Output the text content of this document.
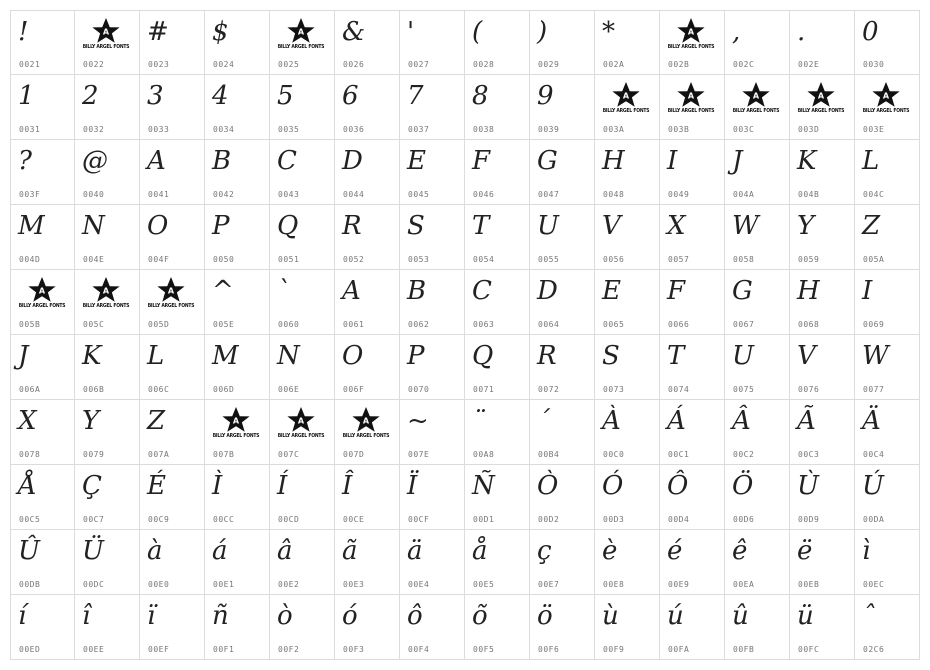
!
0021
A
BILLY ARGEL FONTS
0022
#
0023
$
0024
A
BILLY ARGEL FONTS
0025
&
0026
'
0027
(
0028
)
0029
*
002A
A
BILLY ARGEL FONTS
002B
,
002C
.
002E
0
0030
1
0031
2
0032
3
0033
4
0034
5
0035
6
0036
7
0037
8
0038
9
0039
A
BILLY ARGEL FONTS
003A
A
BILLY ARGEL FONTS
003B
A
BILLY ARGEL FONTS
003C
A
BILLY ARGEL FONTS
003D
A
BILLY ARGEL FONTS
003E
?
003F
@
0040
A
0041
B
0042
C
0043
D
0044
E
0045
F
0046
G
0047
H
0048
I
0049
J
004A
K
004B
L
004C
M
004D
N
004E
O
004F
P
0050
Q
0051
R
0052
S
0053
T
0054
U
0055
V
0056
X
0057
W
0058
Y
0059
Z
005A
A
BILLY ARGEL FONTS
005B
A
BILLY ARGEL FONTS
005C
A
BILLY ARGEL FONTS
005D
^
005E
`
0060
A
0061
B
0062
C
0063
D
0064
E
0065
F
0066
G
0067
H
0068
I
0069
J
006A
K
006B
L
006C
M
006D
N
006E
O
006F
P
0070
Q
0071
R
0072
S
0073
T
0074
U
0075
V
0076
W
0077
X
0078
Y
0079
Z
007A
A
BILLY ARGEL FONTS
007B
A
BILLY ARGEL FONTS
007C
A
BILLY ARGEL FONTS
007D
~
007E
¨
00A8
´
00B4
À
00C0
Á
00C1
Â
00C2
Ã
00C3
Ä
00C4
Å
00C5
Ç
00C7
É
00C9
Ì
00CC
Í
00CD
Î
00CE
Ï
00CF
Ñ
00D1
Ò
00D2
Ó
00D3
Ô
00D4
Ö
00D6
Ù
00D9
Ú
00DA
Û
00DB
Ü
00DC
à
00E0
á
00E1
â
00E2
ã
00E3
ä
00E4
å
00E5
ç
00E7
è
00E8
é
00E9
ê
00EA
ë
00EB
ì
00EC
í
00ED
î
00EE
ï
00EF
ñ
00F1
ò
00F2
ó
00F3
ô
00F4
õ
00F5
ö
00F6
ù
00F9
ú
00FA
û
00FB
ü
00FC
ˆ
02C6
